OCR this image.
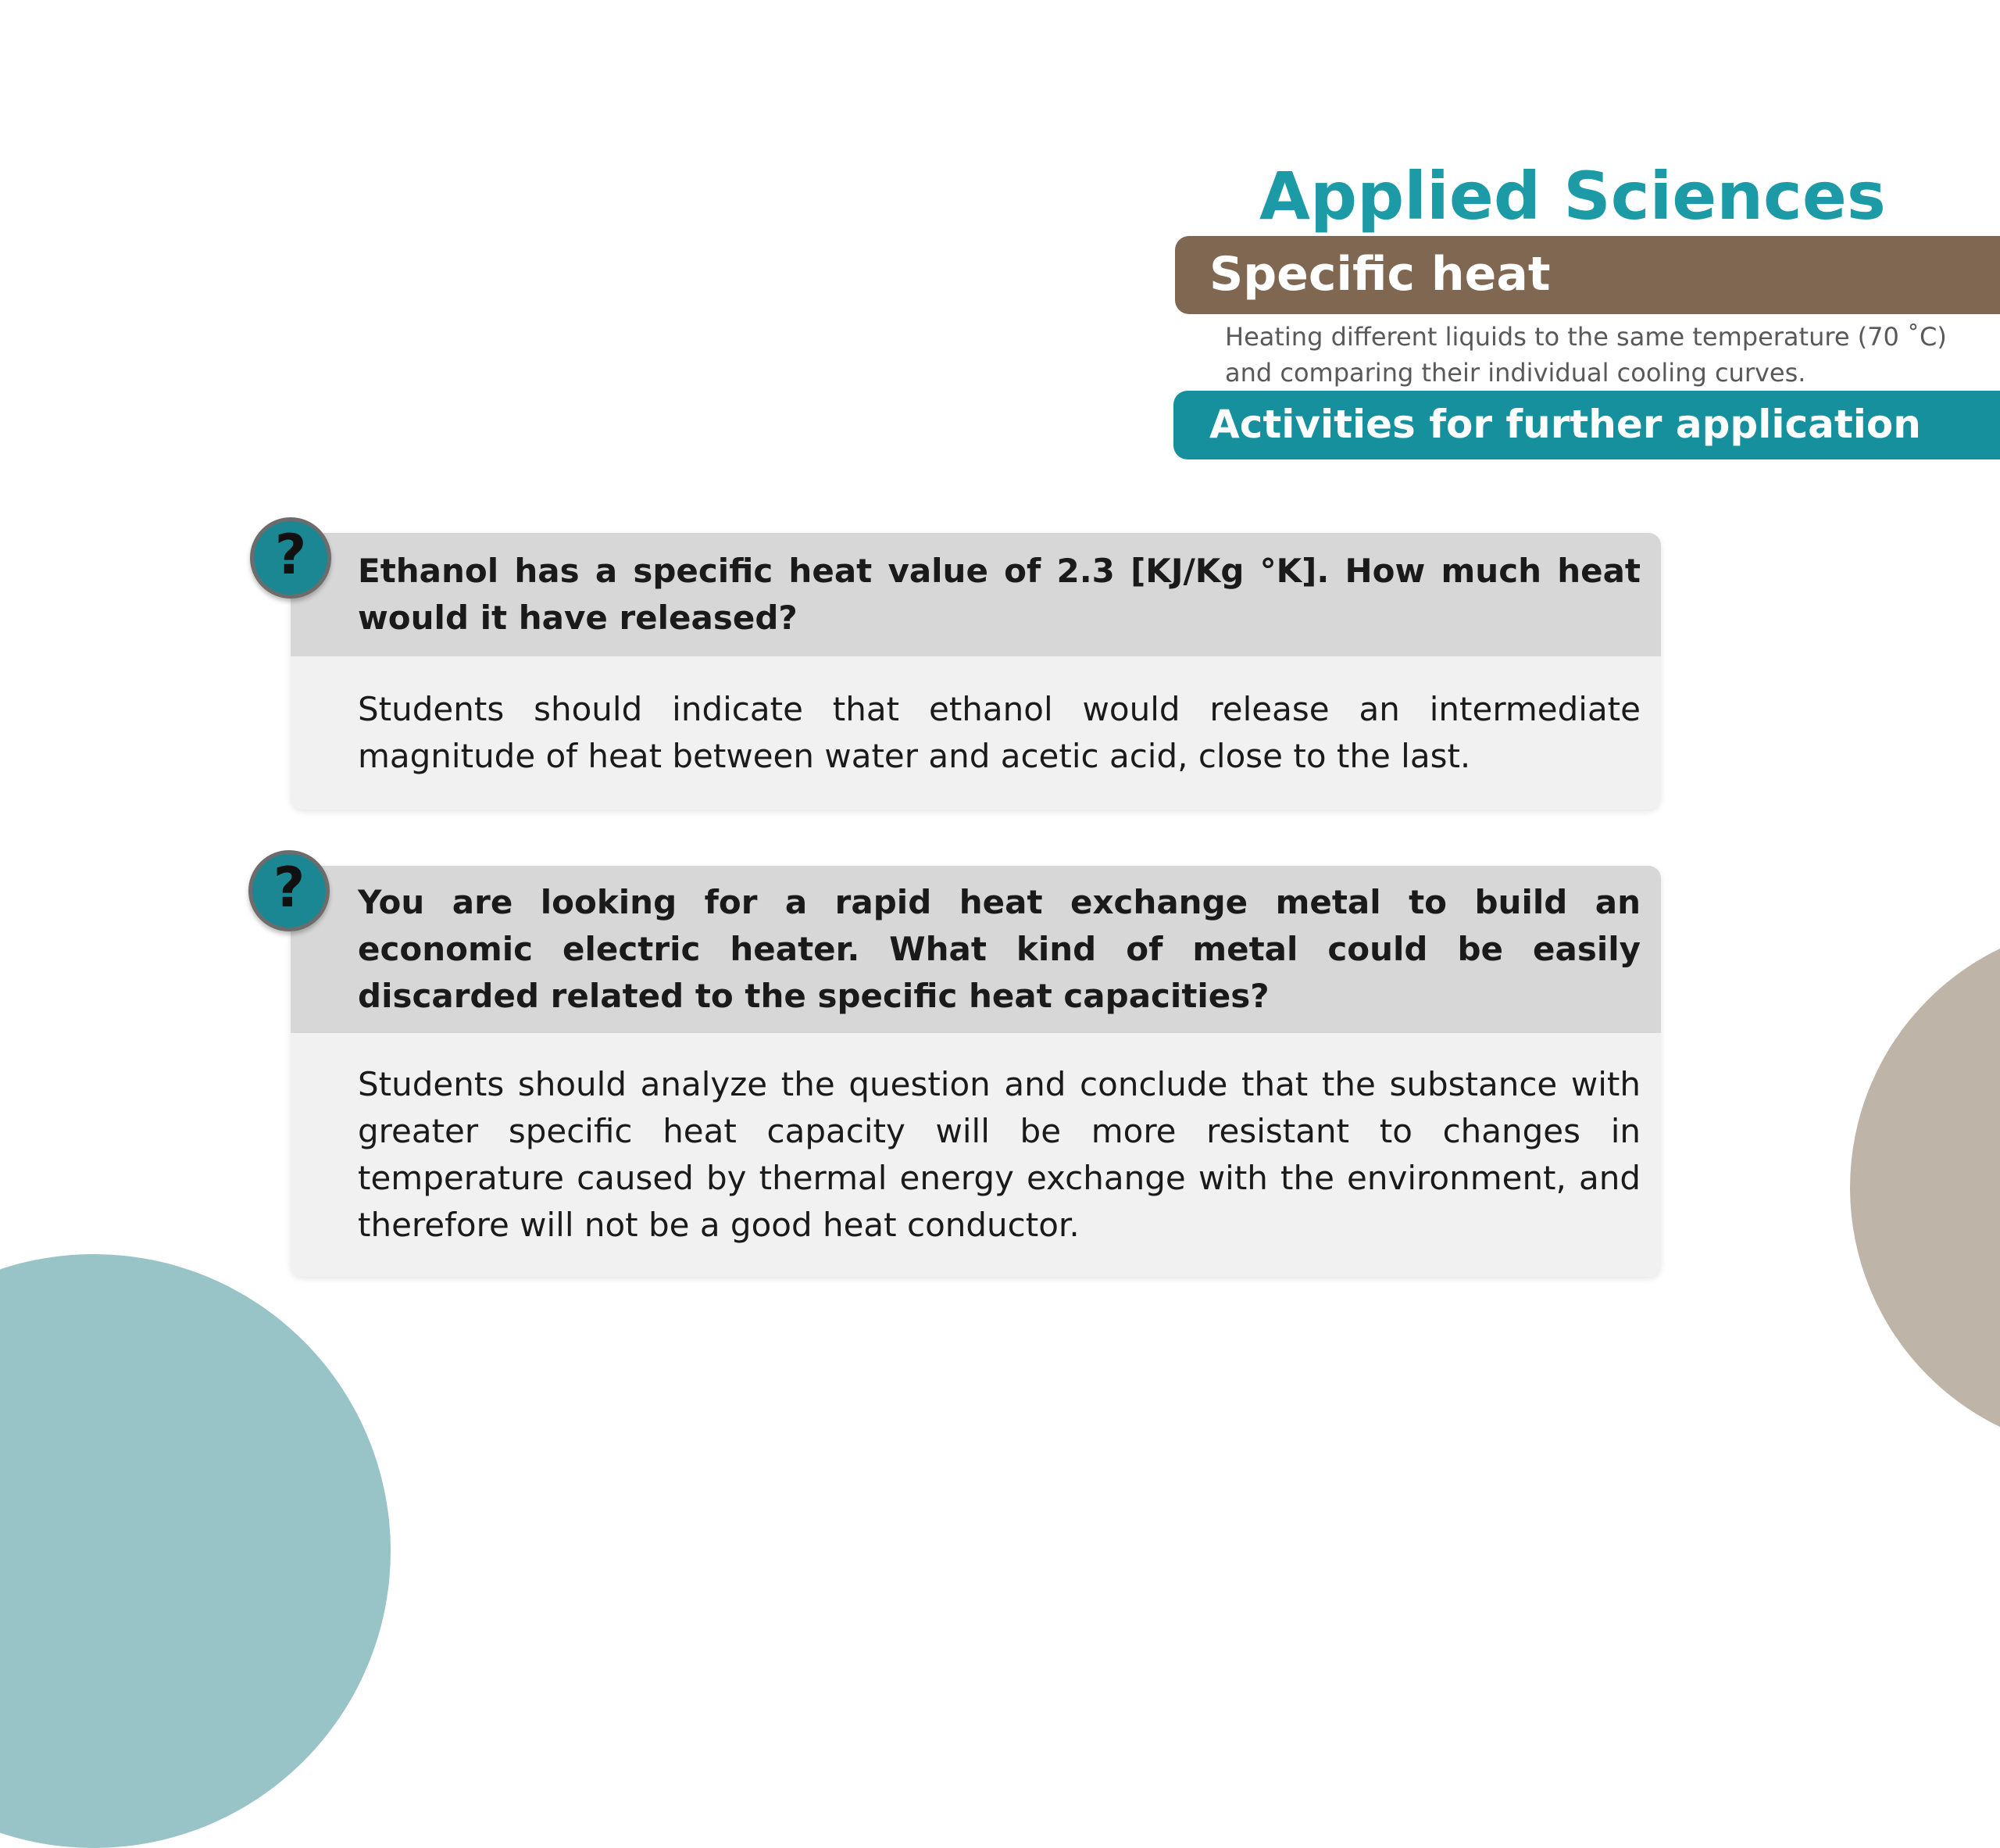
Applied Sciences
Specific heat
Heating different liquids to the same temperature (70 ˚C) and comparing their individual cooling curves.
Activities for further application
Ethanol has a specific heat value of 2.3 [KJ/Kg °K]. How much heat would it have released?
Students should indicate that ethanol would release an intermediate magnitude of heat between water and acetic acid, close to the last.
?
You are looking for a rapid heat exchange metal to build an economic electric heater. What kind of metal could be easily discarded related to the specific heat capacities?
Students should analyze the question and conclude that the substance with greater specific heat capacity will be more resistant to changes in temperature caused by thermal energy exchange with the environment, and therefore will not be a good heat conductor.
?
